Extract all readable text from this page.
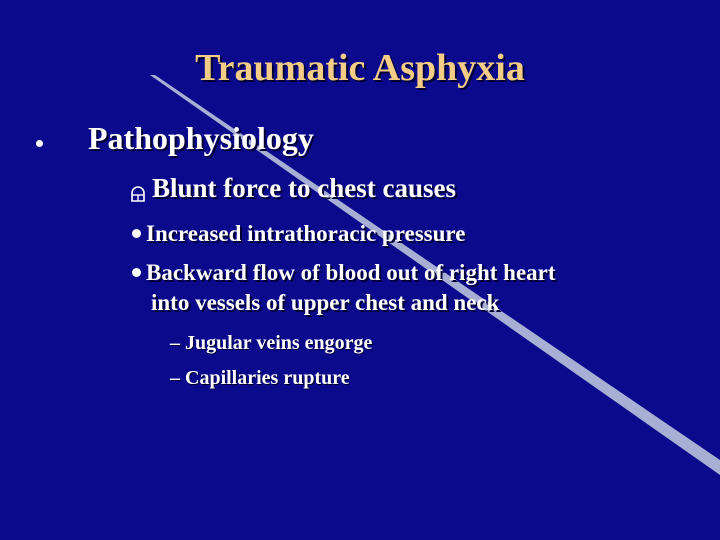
Traumatic Asphyxia
Pathophysiology
Blunt force to chest causes
Increased intrathoracic pressure
Backward flow of blood out of right heart
into vessels of upper chest and neck
– Jugular veins engorge
– Capillaries rupture
